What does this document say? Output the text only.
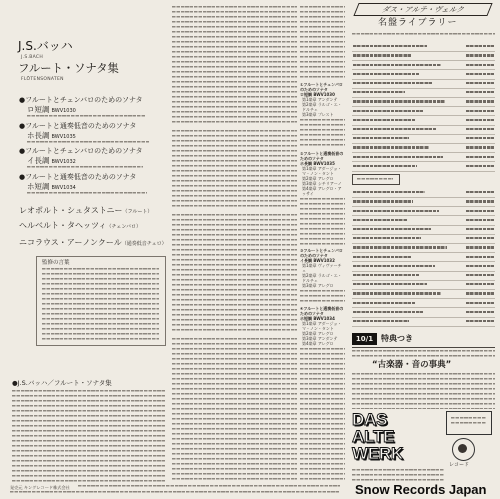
J.S.バッハ
J.S.BACH
フルート・ソナタ集
FLÖTENSONATEN
●フルートとチェンバロのためのソナタ
ロ短調 BWV1030
●フルートと通奏低音のためのソナタ
ホ長調 BWV1035
●フルートとチェンバロのためのソナタ
イ長調 BWV1032
●フルートと通奏低音のためのソナタ
ホ短調 BWV1034
レオポルト・シュタストニー（フルート）
ヘルベルト・タヘッツィ（チェンバロ）
ニコラウス・アーノンクール（通奏低音チェロ）
監修の言葉
●J.S.バッハ／フルート・ソナタ集
発売元 キングレコード株式会社
①フルートとチェンバロのためのソナタ
ロ短調 BWV1030
第1楽章 アンダンテ
第2楽章 ラルゴ・エ・ドルチェ
第3楽章 プレスト
②フルートと通奏低音のためのソナタ
ホ長調 BWV1035
第1楽章 アダージョ・マ・ノン・タント
第2楽章 アレグロ
第3楽章 シチリアーノ
第4楽章 アレグロ・アッサイ
③フルートとチェンバロのためのソナタ
イ長調 BWV1032
第1楽章 ヴィヴァーチェ
第2楽章 ラルゴ・エ・ドルチェ
第3楽章 アレグロ
④フルートと通奏低音のためのソナタ
ホ短調 BWV1034
第1楽章 アダージョ・マ・ノン・タント
第2楽章 アレグロ
第3楽章 アンダンテ
第4楽章 アレグロ
ダス・アルテ・ヴェルク
名盤ライブラリー
10/1 特典つき
“古楽器・音の事典”
DAS
ALTE
WERK
レコード
Snow Records Japan
